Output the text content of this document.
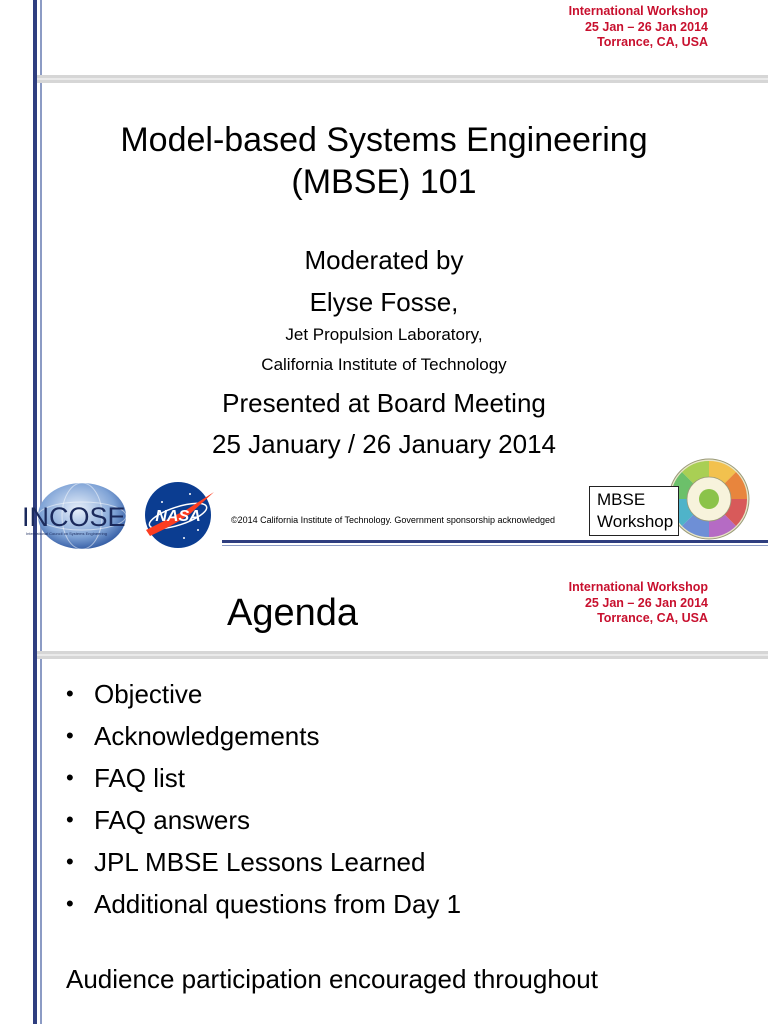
International Workshop
25 Jan – 26 Jan 2014
Torrance, CA, USA
Model-based Systems Engineering
(MBSE) 101
Moderated by
Elyse Fosse,
Jet Propulsion Laboratory,
California Institute of Technology
Presented at Board Meeting
25 January / 26 January 2014
INCOSE
International Council on Systems Engineering
NASA	©2014 California Institute of Technology. Government sponsorship acknowledged
MBSE
Workshop
International Workshop
25 Jan – 26 Jan 2014
Torrance, CA, USA
Agenda
• Objective
• Acknowledgements
• FAQ list
• FAQ answers
• JPL MBSE Lessons Learned
• Additional questions from Day 1
Audience participation encouraged throughout
